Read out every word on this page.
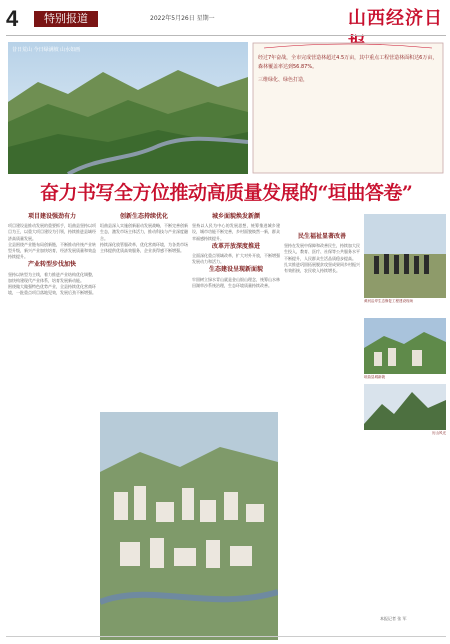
4	特别报道	2022年5月26日 星期一	山西经济日
昔日荒山 今日绿满坡 山水如画

经过7年奋战，全市完成营造林超过4.5万亩，其中重点工程营造林面积达6万亩，森林覆盖率达到56.87%。

三维绿化、绿色打造，

奋力书写全方位推动高质量发展的“垣曲答卷”
项目建设强劲有力

项目建设是推动发展的重要抓手，垣曲县坚持以项目为王，以重大项目建设为引领，持续推进县域经济高质量发展。

全县围绕产业链布局创新链，不断推动传统产业转型升级，新兴产业加快培育，经济发展质量和效益持续提升。

产业转型步伐加快

坚持以转型为主线，着力推进产业结构优化调整，加快构建现代产业体系，培育发展新动能。

围绕做大做强特色优势产业，全县持续优化营商环境，一批重点项目落地见效，发展后劲不断增强。

创新生态持续优化

垣曲县深入实施创新驱动发展战略，不断完善创新生态，激发市场主体活力，推动科技与产业深度融合。

持续深化放管服改革，优化营商环境，为各类市场主体提供优质高效服务，企业获得感不断增强。

城乡面貌焕发新颜

坚持以人民为中心的发展思想，统筹推进城乡建设，城市功能不断完善，乡村面貌焕然一新，群众幸福感持续提升。

改革开放深度推进

全面深化重点领域改革，扩大对外开放，不断增强发展动力和活力。

生态建设呈现新面貌

牢固树立绿水青山就是金山银山理念，统筹山水林田湖草沙系统治理，生态环境质量持续改善。

民生福祉显著改善

坚持在发展中保障和改善民生，持续加大民生投入，教育、医疗、社保等公共服务水平不断提升，人民群众生活品质稳步提高。

扎实推进巩固拓展脱贫攻坚成果同乡村振兴有效衔接，农民收入持续增长。

黄河沿岸生态修复工程建设现场
垣曲县城新貌
历山风光
本报记者 张 军
